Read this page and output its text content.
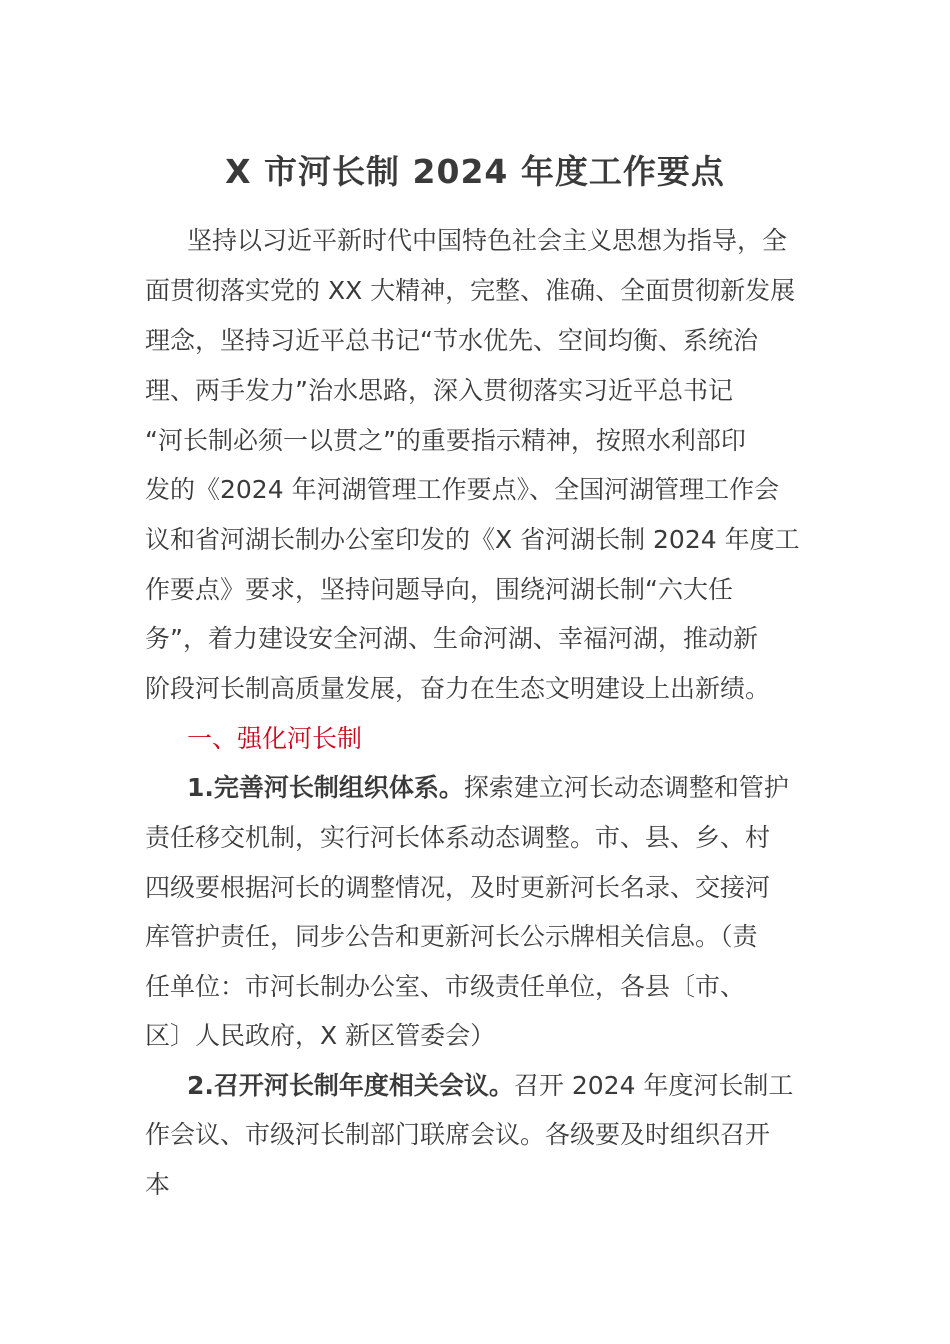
X 市河长制 2024 年度工作要点
坚持以习近平新时代中国特色社会主义思想为指导，全
面贯彻落实党的 XX 大精神，完整、准确、全面贯彻新发展
理念，坚持习近平总书记“节水优先、空间均衡、系统治
理、两手发力”治水思路，深入贯彻落实习近平总书记
“河长制必须一以贯之”的重要指示精神，按照水利部印
发的《2024 年河湖管理工作要点》、全国河湖管理工作会
议和省河湖长制办公室印发的《X 省河湖长制 2024 年度工
作要点》要求，坚持问题导向，围绕河湖长制“六大任
务”，着力建设安全河湖、生命河湖、幸福河湖，推动新
阶段河长制高质量发展，奋力在生态文明建设上出新绩。
一、强化河长制
1.完善河长制组织体系。探索建立河长动态调整和管护
责任移交机制，实行河长体系动态调整。市、县、乡、村
四级要根据河长的调整情况，及时更新河长名录、交接河
库管护责任，同步公告和更新河长公示牌相关信息。（责
任单位：市河长制办公室、市级责任单位，各县〔市、
区〕人民政府，X 新区管委会）
2.召开河长制年度相关会议。召开 2024 年度河长制工
作会议、市级河长制部门联席会议。各级要及时组织召开
本
